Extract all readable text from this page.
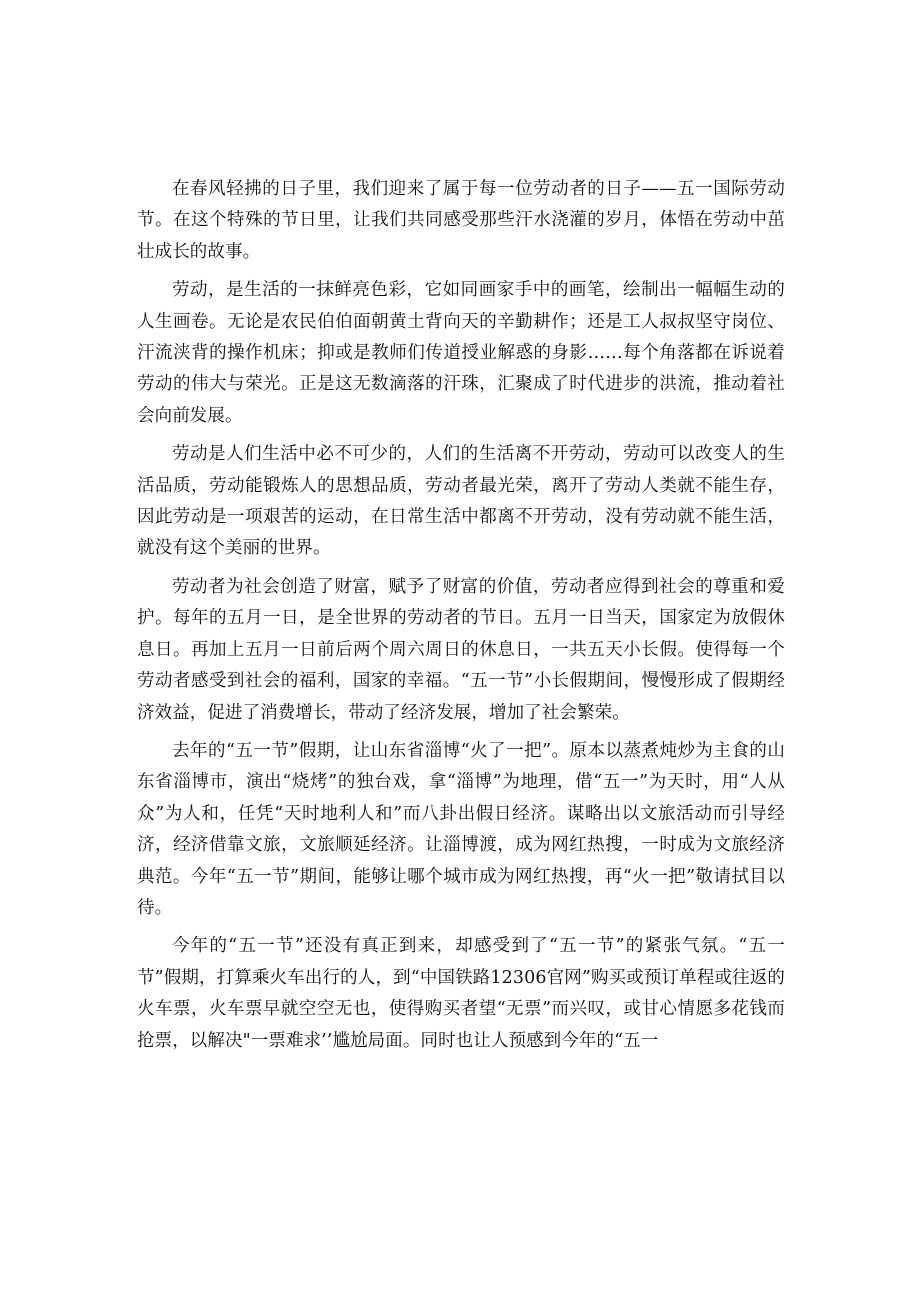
在春风轻拂的日子里，我们迎来了属于每一位劳动者的日子——五一国际劳动节。在这个特殊的节日里，让我们共同感受那些汗水浇灌的岁月，体悟在劳动中茁壮成长的故事。

劳动，是生活的一抹鲜亮色彩，它如同画家手中的画笔，绘制出一幅幅生动的人生画卷。无论是农民伯伯面朝黄土背向天的辛勤耕作；还是工人叔叔坚守岗位、汗流浃背的操作机床；抑或是教师们传道授业解惑的身影……每个角落都在诉说着劳动的伟大与荣光。正是这无数滴落的汗珠，汇聚成了时代进步的洪流，推动着社会向前发展。

劳动是人们生活中必不可少的，人们的生活离不开劳动，劳动可以改变人的生活品质，劳动能锻炼人的思想品质，劳动者最光荣，离开了劳动人类就不能生存，因此劳动是一项艰苦的运动，在日常生活中都离不开劳动，没有劳动就不能生活，就没有这个美丽的世界。

劳动者为社会创造了财富，赋予了财富的价值，劳动者应得到社会的尊重和爱护。每年的五月一日，是全世界的劳动者的节日。五月一日当天，国家定为放假休息日。再加上五月一日前后两个周六周日的休息日，一共五天小长假。使得每一个劳动者感受到社会的福利，国家的幸福。“五一节”小长假期间，慢慢形成了假期经济效益，促进了消费增长，带动了经济发展，增加了社会繁荣。

去年的“五一节”假期，让山东省淄博“火了一把”。原本以蒸煮炖炒为主食的山东省淄博市，演出“烧烤”的独台戏，拿“淄博”为地理，借“五一”为天时，用“人从众”为人和，任凭“天时地利人和”而八卦出假日经济。谋略出以文旅活动而引导经济，经济借靠文旅，文旅顺延经济。让淄博渡，成为网红热搜，一时成为文旅经济典范。今年“五一节”期间，能够让哪个城市成为网红热搜，再“火一把”敬请拭目以待。

今年的“五一节”还没有真正到来，却感受到了“五一节”的紧张气氛。“五一节”假期，打算乘火车出行的人，到“中国铁路12306官网”购买或预订单程或往返的火车票，火车票早就空空无也，使得购买者望“无票”而兴叹，或甘心情愿多花钱而抢票，以解决"一票难求’’尴尬局面。同时也让人预感到今年的“五一
